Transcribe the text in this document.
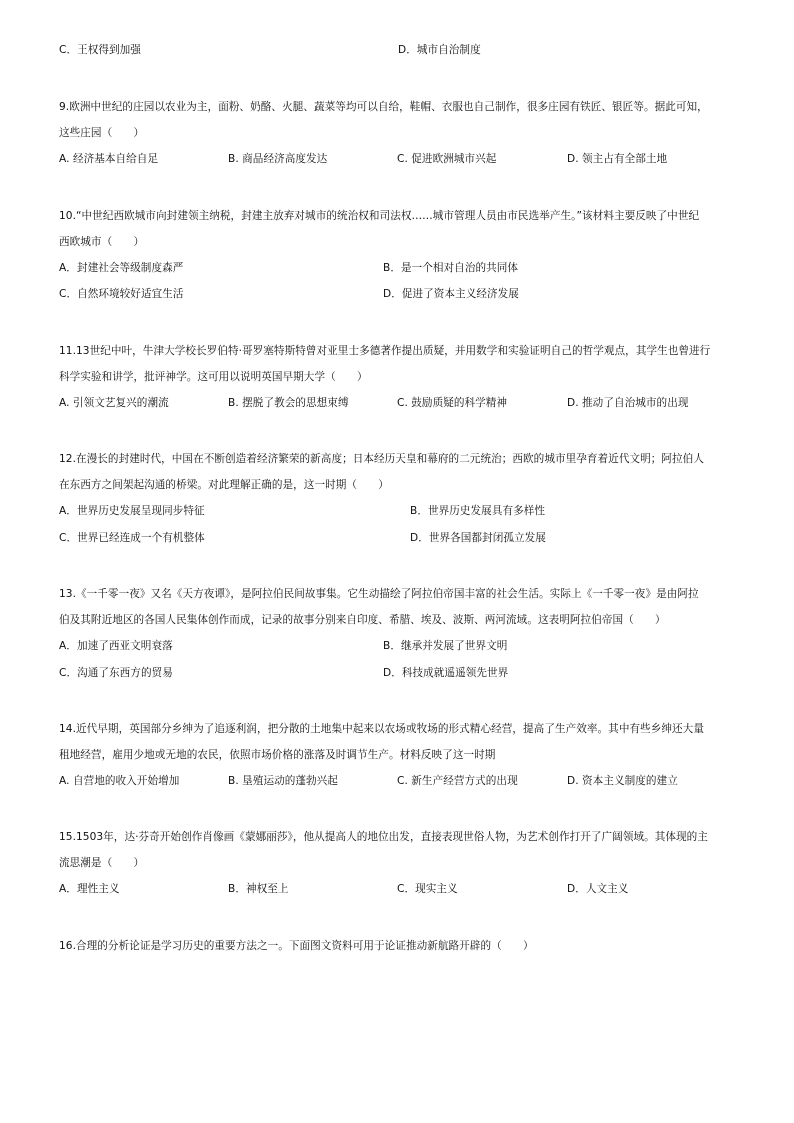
C．王权得到加强	D．城市自治制度
9.欧洲中世纪的庄园以农业为主，面粉、奶酪、火腿、蔬菜等均可以自给，鞋帽、衣服也自己制作，很多庄园有铁匠、银匠等。据此可知，
这些庄园（　　）
A. 经济基本自给自足	B. 商品经济高度发达	C. 促进欧洲城市兴起	D. 领主占有全部土地
10.“中世纪西欧城市向封建领主纳税，封建主放弃对城市的统治权和司法权……城市管理人员由市民选举产生。”该材料主要反映了中世纪
西欧城市（　　）
A．封建社会等级制度森严	B．是一个相对自治的共同体
C．自然环境较好适宜生活	D．促进了资本主义经济发展
11.13世纪中叶，牛津大学校长罗伯特·哥罗塞特斯特曾对亚里士多德著作提出质疑，并用数学和实验证明自己的哲学观点，其学生也曾进行
科学实验和讲学，批评神学。这可用以说明英国早期大学（　　）
A. 引领文艺复兴的潮流	B. 摆脱了教会的思想束缚	C. 鼓励质疑的科学精神	D. 推动了自治城市的出现
12.在漫长的封建时代，中国在不断创造着经济繁荣的新高度；日本经历天皇和幕府的二元统治；西欧的城市里孕育着近代文明；阿拉伯人
在东西方之间架起沟通的桥梁。对此理解正确的是，这一时期（　　）
A．世界历史发展呈现同步特征	B．世界历史发展具有多样性
C．世界已经连成一个有机整体	D．世界各国都封闭孤立发展
13.《一千零一夜》又名《天方夜谭》，是阿拉伯民间故事集。它生动描绘了阿拉伯帝国丰富的社会生活。实际上《一千零一夜》是由阿拉
伯及其附近地区的各国人民集体创作而成，记录的故事分别来自印度、希腊、埃及、波斯、两河流域。这表明阿拉伯帝国（　　）
A．加速了西亚文明衰落	B．继承并发展了世界文明
C．沟通了东西方的贸易	D．科技成就遥遥领先世界
14.近代早期，英国部分乡绅为了追逐利润，把分散的土地集中起来以农场或牧场的形式精心经营，提高了生产效率。其中有些乡绅还大量
租地经营，雇用少地或无地的农民，依照市场价格的涨落及时调节生产。材料反映了这一时期
A. 自营地的收入开始增加	B. 垦殖运动的蓬勃兴起	C. 新生产经营方式的出现	D. 资本主义制度的建立
15.1503年，达·芬奇开始创作肖像画《蒙娜丽莎》，他从提高人的地位出发，直接表现世俗人物，为艺术创作打开了广阔领域。其体现的主
流思潮是（　　）
A．理性主义	B．神权至上	C．现实主义	D．人文主义
16.合理的分析论证是学习历史的重要方法之一。下面图文资料可用于论证推动新航路开辟的（　　）
